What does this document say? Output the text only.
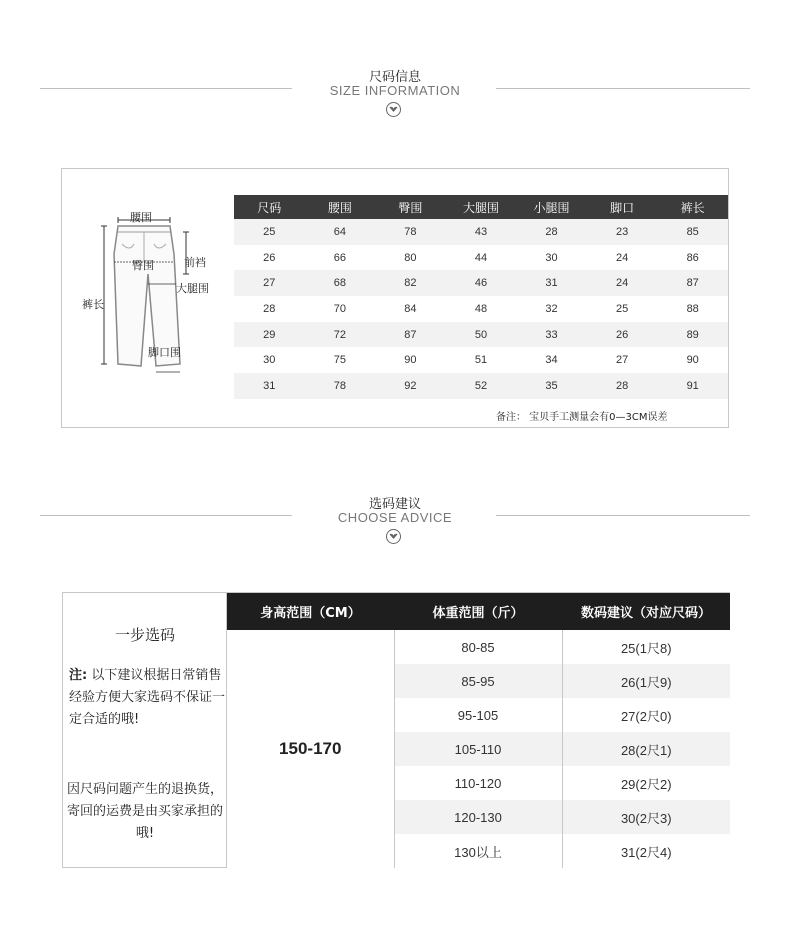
尺码信息
SIZE INFORMATION
腰围
臀围	前裆
大腿围
裤长
脚口围
尺码	腰围	臀围	大腿围	小腿围	脚口	裤长
25	64	78	43	28	23	85
26	66	80	44	30	24	86
27	68	82	46	31	24	87
28	70	84	48	32	25	88
29	72	87	50	33	26	89
30	75	90	51	34	27	90
31	78	92	52	35	28	91
备注： 宝贝手工测量会有0—3CM误差
选码建议
CHOOSE ADVICE
一步选码
注: 以下建议根据日常销售经验方便大家选码不保证一定合适的哦!
因尺码问题产生的退换货，寄回的运费是由买家承担的哦!
身高范围（CM）	体重范围（斤）	数码建议（对应尺码）
150-170	80-85	25(1尺8)
	85-95	26(1尺9)
	95-105	27(2尺0)
	105-110	28(2尺1)
	110-120	29(2尺2)
	120-130	30(2尺3)
	130以上	31(2尺4)
